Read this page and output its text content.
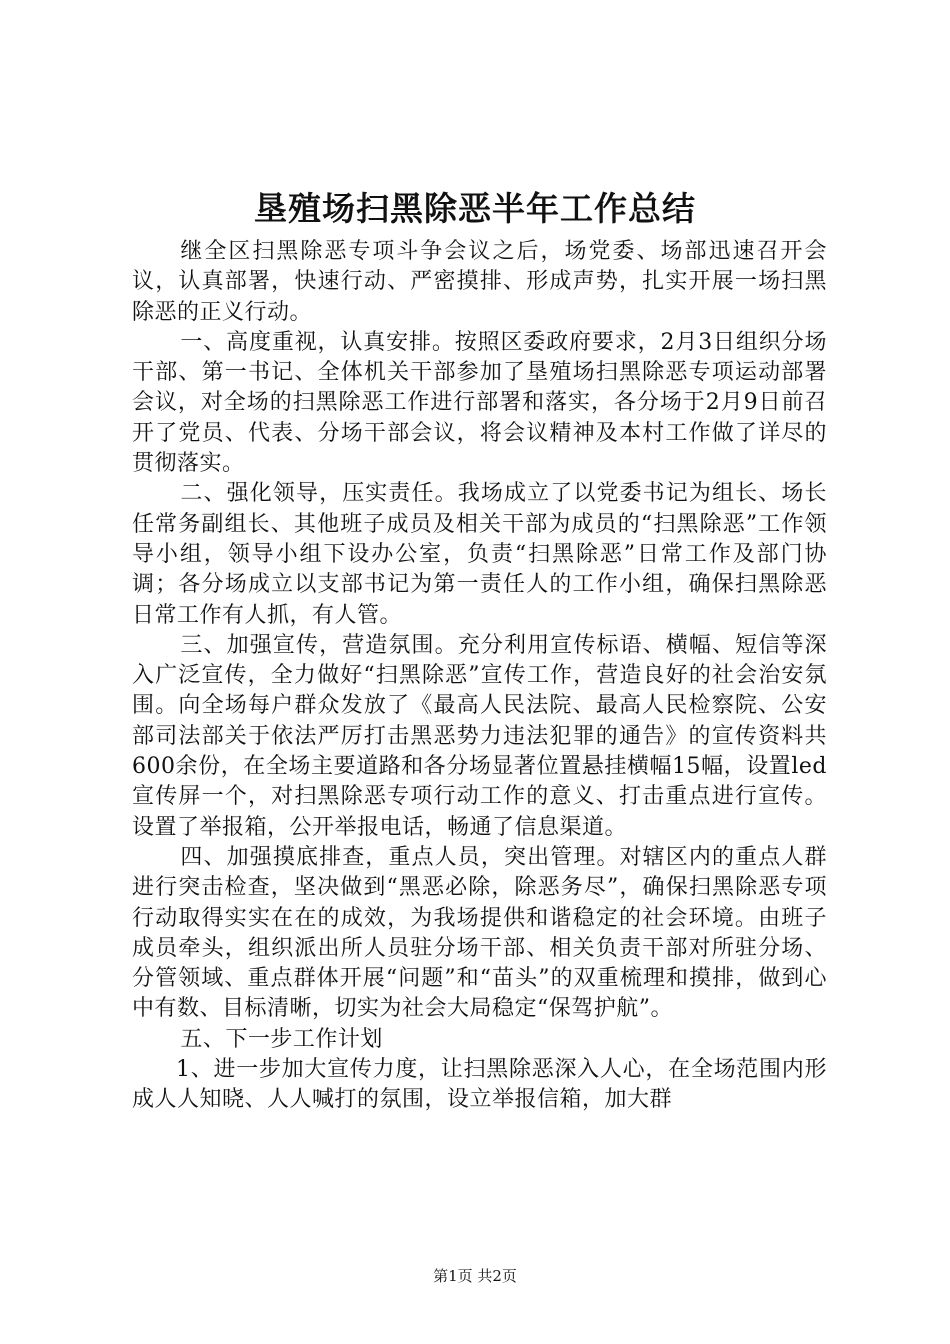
垦殖场扫黑除恶半年工作总结

继全区扫黑除恶专项斗争会议之后，场党委、场部迅速召开会议，认真部署，快速行动、严密摸排、形成声势，扎实开展一场扫黑除恶的正义行动。

一、高度重视，认真安排。按照区委政府要求，2月3日组织分场干部、第一书记、全体机关干部参加了垦殖场扫黑除恶专项运动部署会议，对全场的扫黑除恶工作进行部署和落实，各分场于2月9日前召开了党员、代表、分场干部会议，将会议精神及本村工作做了详尽的贯彻落实。

二、强化领导，压实责任。我场成立了以党委书记为组长、场长任常务副组长、其他班子成员及相关干部为成员的“扫黑除恶”工作领导小组，领导小组下设办公室，负责“扫黑除恶”日常工作及部门协调；各分场成立以支部书记为第一责任人的工作小组，确保扫黑除恶日常工作有人抓，有人管。

三、加强宣传，营造氛围。充分利用宣传标语、横幅、短信等深入广泛宣传，全力做好“扫黑除恶”宣传工作，营造良好的社会治安氛围。向全场每户群众发放了《最高人民法院、最高人民检察院、公安部司法部关于依法严厉打击黑恶势力违法犯罪的通告》的宣传资料共600余份，在全场主要道路和各分场显著位置悬挂横幅15幅，设置led宣传屏一个，对扫黑除恶专项行动工作的意义、打击重点进行宣传。设置了举报箱，公开举报电话，畅通了信息渠道。

四、加强摸底排查，重点人员，突出管理。对辖区内的重点人群进行突击检查，坚决做到“黑恶必除，除恶务尽”，确保扫黑除恶专项行动取得实实在在的成效，为我场提供和谐稳定的社会环境。由班子成员牵头，组织派出所人员驻分场干部、相关负责干部对所驻分场、分管领域、重点群体开展“问题”和“苗头”的双重梳理和摸排，做到心中有数、目标清晰，切实为社会大局稳定“保驾护航”。

五、下一步工作计划

1、进一步加大宣传力度，让扫黑除恶深入人心，在全场范围内形成人人知晓、人人喊打的氛围，设立举报信箱，加大群

第1页 共2页
